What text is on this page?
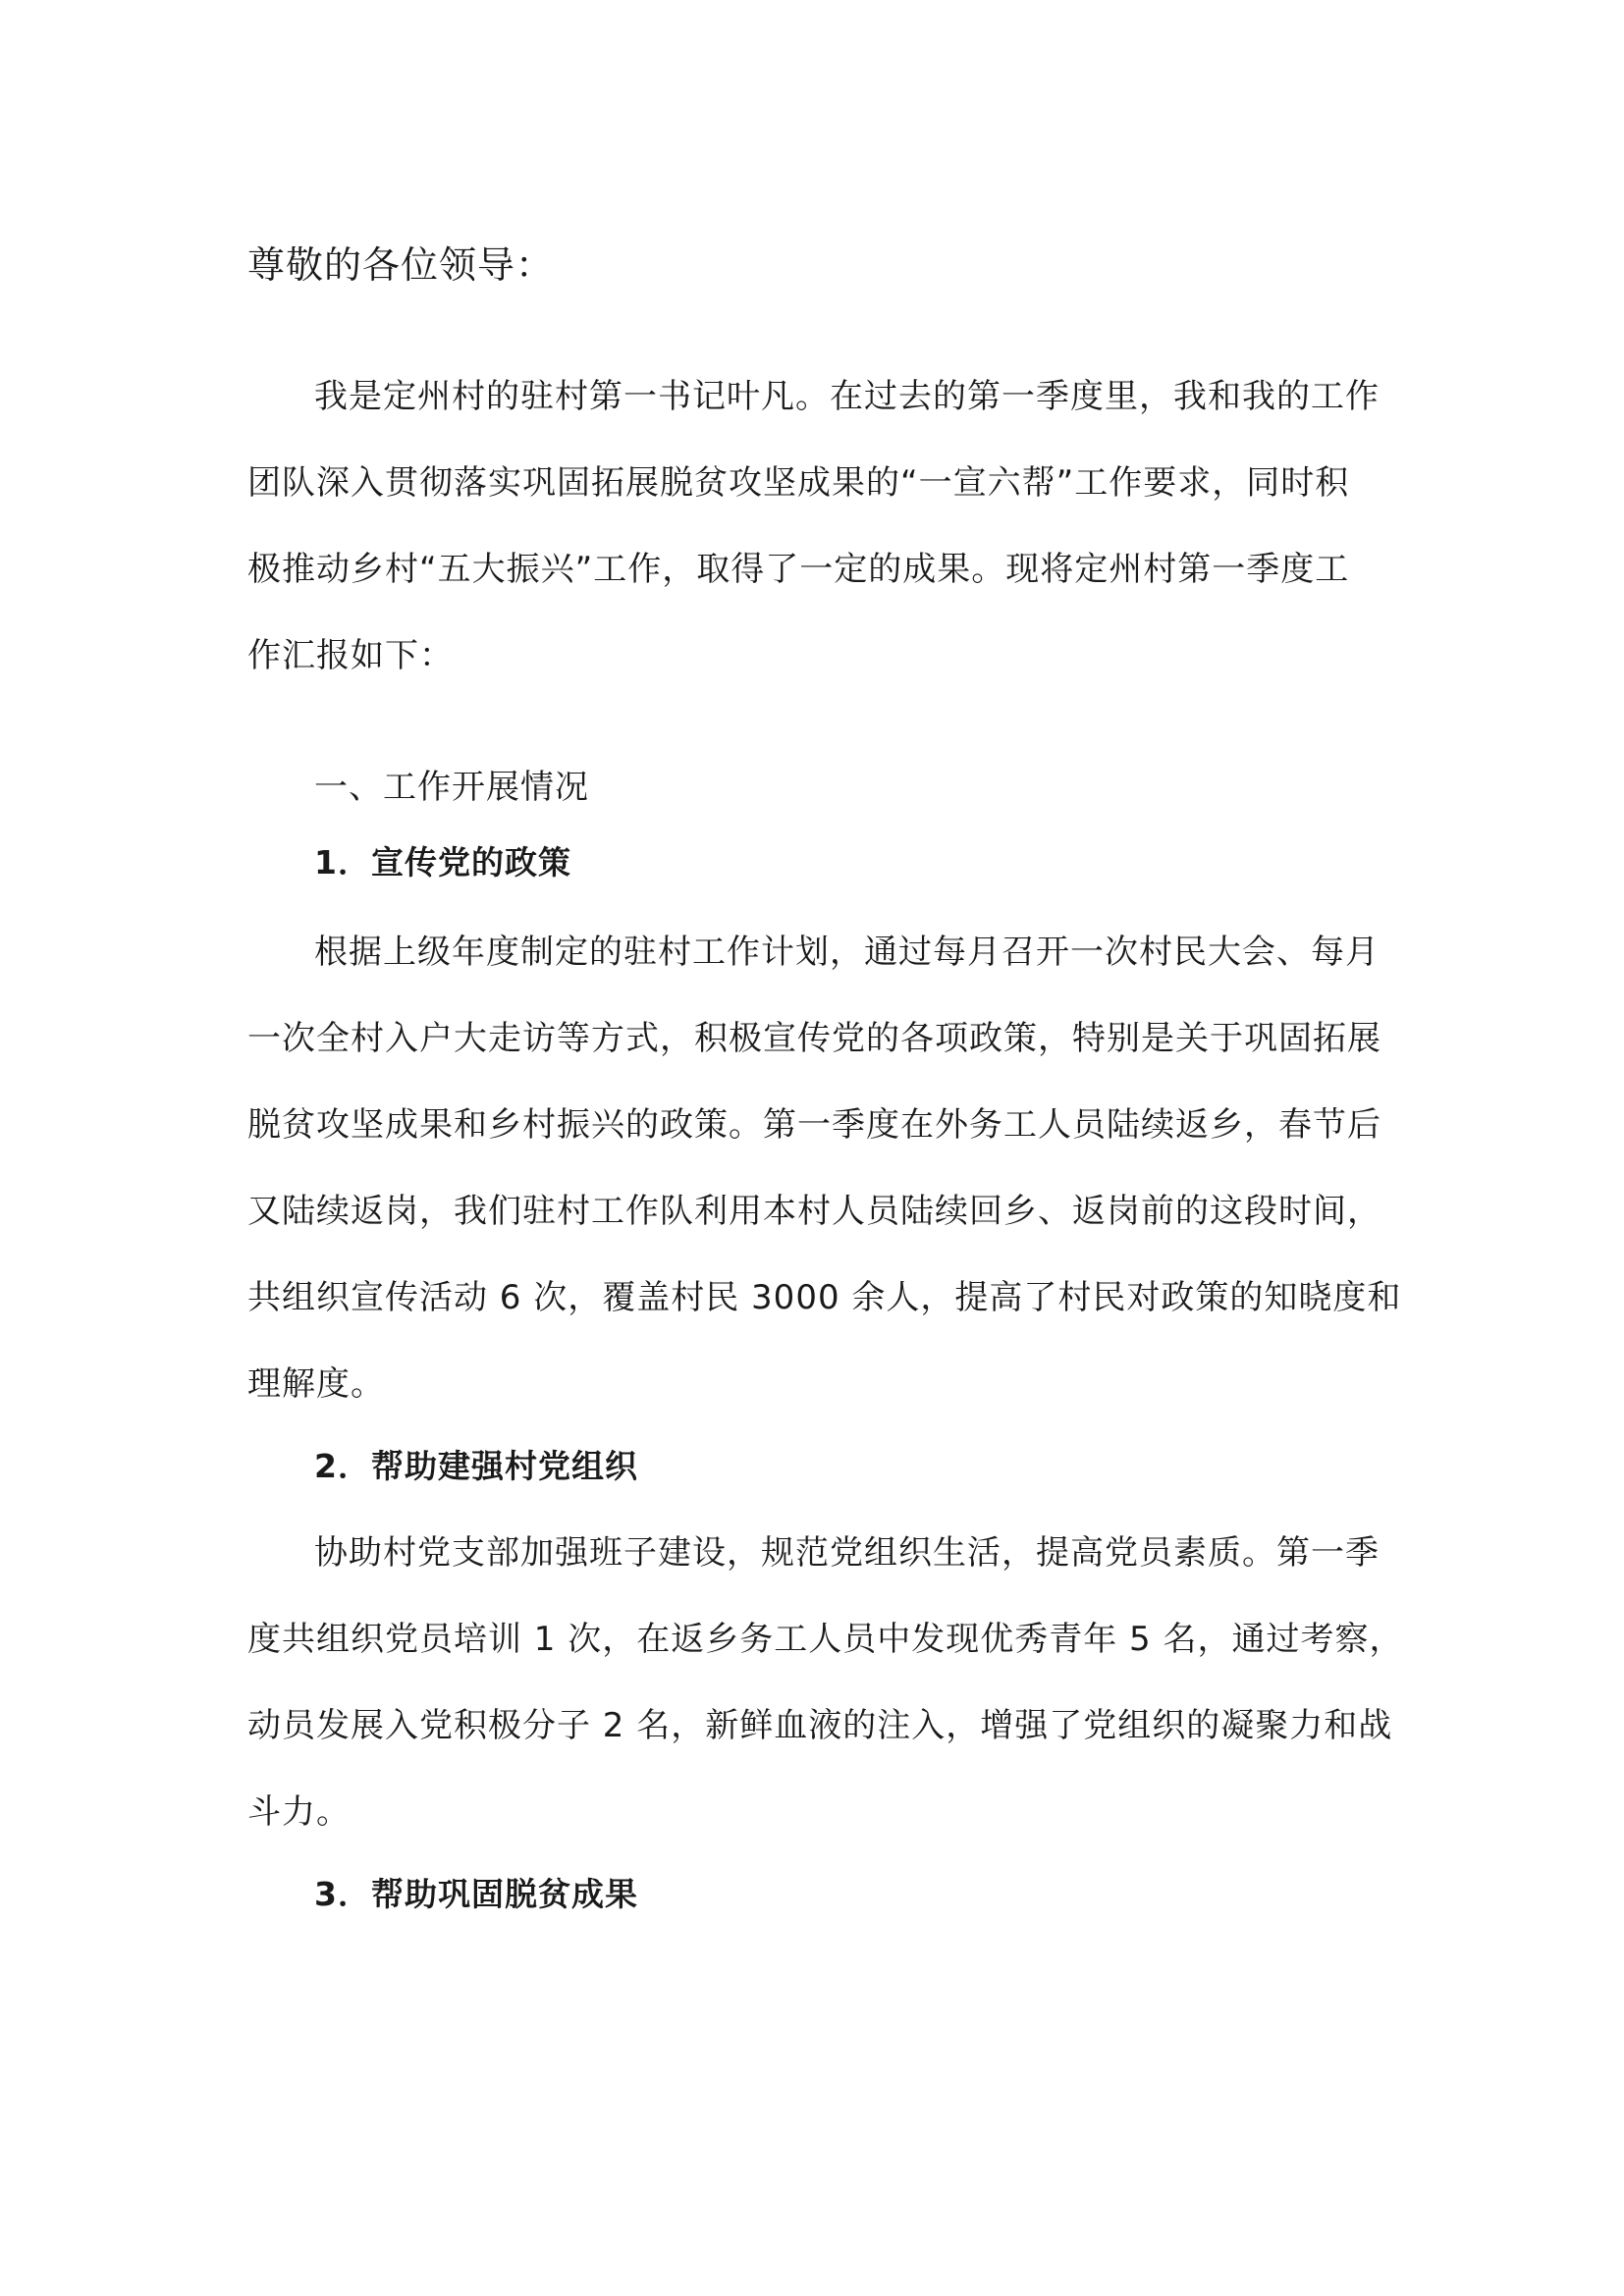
尊敬的各位领导：

我是定州村的驻村第一书记叶凡。在过去的第一季度里，我和我的工作
团队深入贯彻落实巩固拓展脱贫攻坚成果的“一宣六帮”工作要求，同时积
极推动乡村“五大振兴”工作，取得了一定的成果。现将定州村第一季度工
作汇报如下：

一、工作开展情况

1．宣传党的政策

根据上级年度制定的驻村工作计划，通过每月召开一次村民大会、每月
一次全村入户大走访等方式，积极宣传党的各项政策，特别是关于巩固拓展
脱贫攻坚成果和乡村振兴的政策。第一季度在外务工人员陆续返乡，春节后
又陆续返岗，我们驻村工作队利用本村人员陆续回乡、返岗前的这段时间，
共组织宣传活动 6 次，覆盖村民 3000 余人，提高了村民对政策的知晓度和
理解度。

2．帮助建强村党组织

协助村党支部加强班子建设，规范党组织生活，提高党员素质。第一季
度共组织党员培训 1 次，在返乡务工人员中发现优秀青年 5 名，通过考察，
动员发展入党积极分子 2 名，新鲜血液的注入，增强了党组织的凝聚力和战
斗力。

3．帮助巩固脱贫成果
